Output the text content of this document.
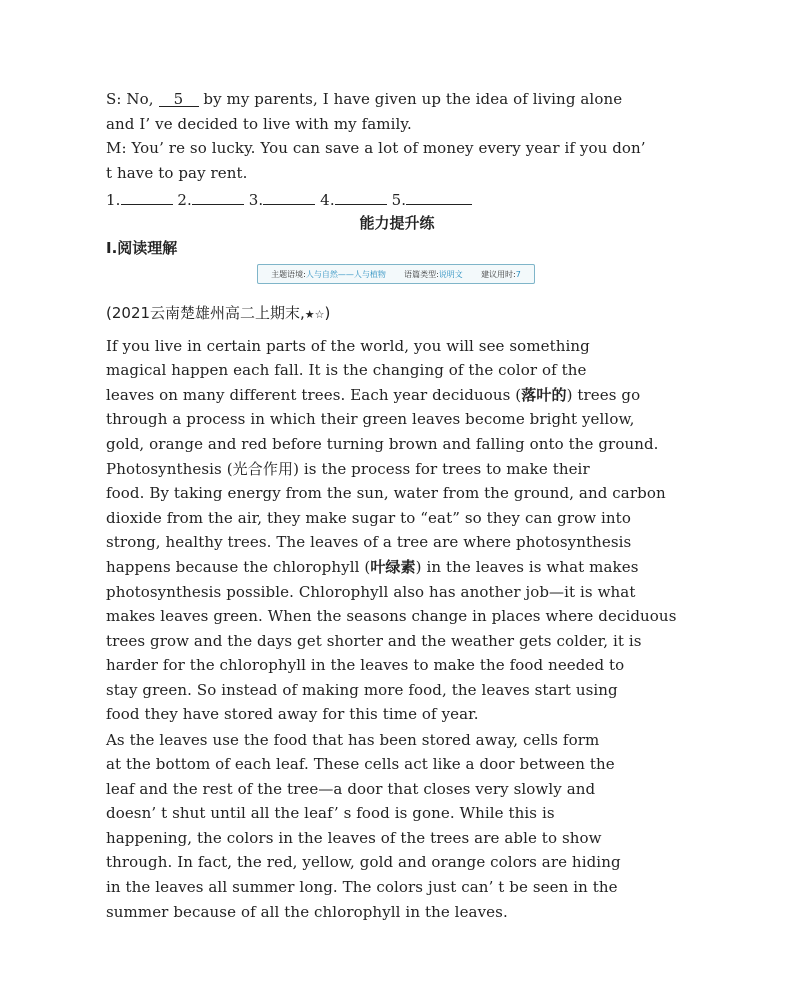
S: No, 5 by my parents, I have given up the idea of living alone
and I’ ve decided to live with my family.
M: You’ re so lucky. You can save a lot of money every year if you don’
t have to pay rent.
1.	2.	3.	4.	5.
能力提升练
Ⅰ.阅读理解
主题语境:人与自然——人与植物 语篇类型:说明文 建议用时:7
(2021云南楚雄州高二上期末,★☆)
If you live in certain parts of the world, you will see something
magical happen each fall. It is the changing of the color of the
leaves on many different trees. Each year deciduous (落叶的) trees go
through a process in which their green leaves become bright yellow,
gold, orange and red before turning brown and falling onto the ground.
Photosynthesis (光合作用) is the process for trees to make their
food. By taking energy from the sun, water from the ground, and carbon
dioxide from the air, they make sugar to “eat” so they can grow into
strong, healthy trees. The leaves of a tree are where photosynthesis
happens because the chlorophyll (叶绿素) in the leaves is what makes
photosynthesis possible. Chlorophyll also has another job—it is what
makes leaves green. When the seasons change in places where deciduous
trees grow and the days get shorter and the weather gets colder, it is
harder for the chlorophyll in the leaves to make the food needed to
stay green. So instead of making more food, the leaves start using
food they have stored away for this time of year.
As the leaves use the food that has been stored away, cells form
at the bottom of each leaf. These cells act like a door between the
leaf and the rest of the tree—a door that closes very slowly and
doesn’ t shut until all the leaf’ s food is gone. While this is
happening, the colors in the leaves of the trees are able to show
through. In fact, the red, yellow, gold and orange colors are hiding
in the leaves all summer long. The colors just can’ t be seen in the
summer because of all the chlorophyll in the leaves.
